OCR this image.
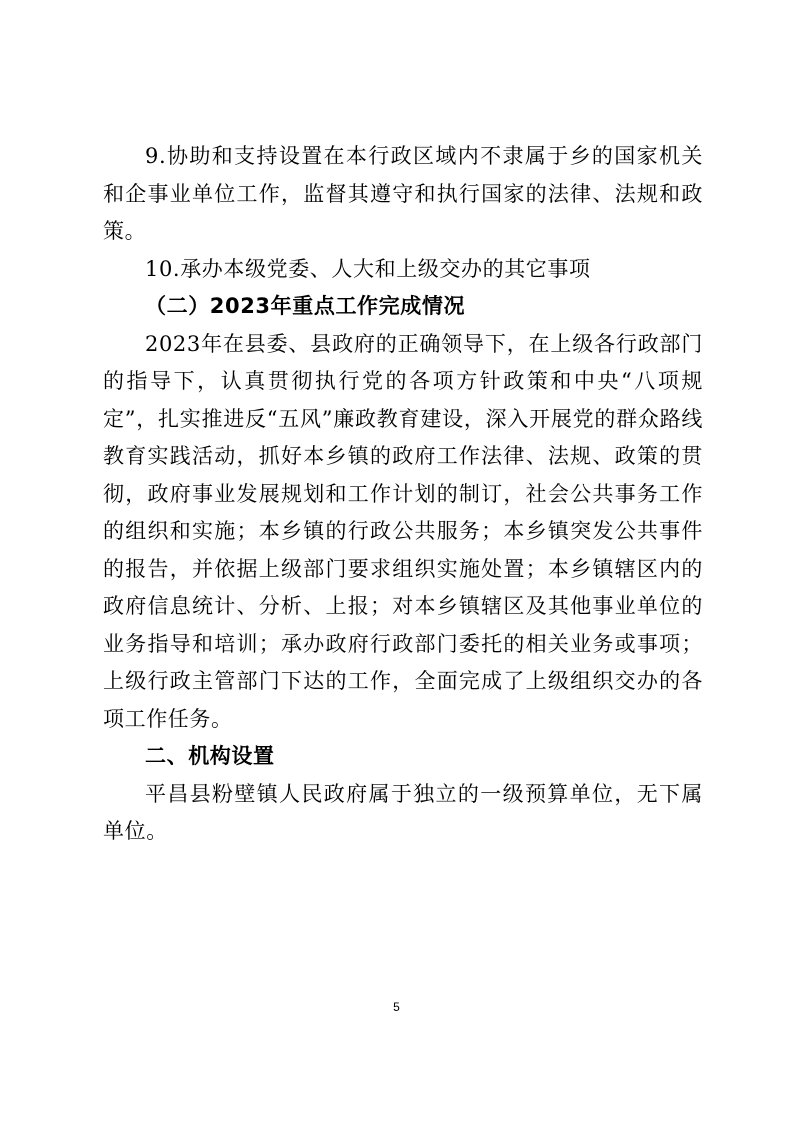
9.协助和支持设置在本行政区域内不隶属于乡的国家机关和企事业单位工作，监督其遵守和执行国家的法律、法规和政策。

10.承办本级党委、人大和上级交办的其它事项

（二）2023年重点工作完成情况

2023年在县委、县政府的正确领导下，在上级各行政部门的指导下，认真贯彻执行党的各项方针政策和中央“八项规定”，扎实推进反“五风”廉政教育建设，深入开展党的群众路线教育实践活动，抓好本乡镇的政府工作法律、法规、政策的贯彻，政府事业发展规划和工作计划的制订，社会公共事务工作的组织和实施；本乡镇的行政公共服务；本乡镇突发公共事件的报告，并依据上级部门要求组织实施处置；本乡镇辖区内的政府信息统计、分析、上报；对本乡镇辖区及其他事业单位的业务指导和培训；承办政府行政部门委托的相关业务或事项；上级行政主管部门下达的工作，全面完成了上级组织交办的各项工作任务。

二、机构设置

平昌县粉壁镇人民政府属于独立的一级预算单位，无下属单位。

5
